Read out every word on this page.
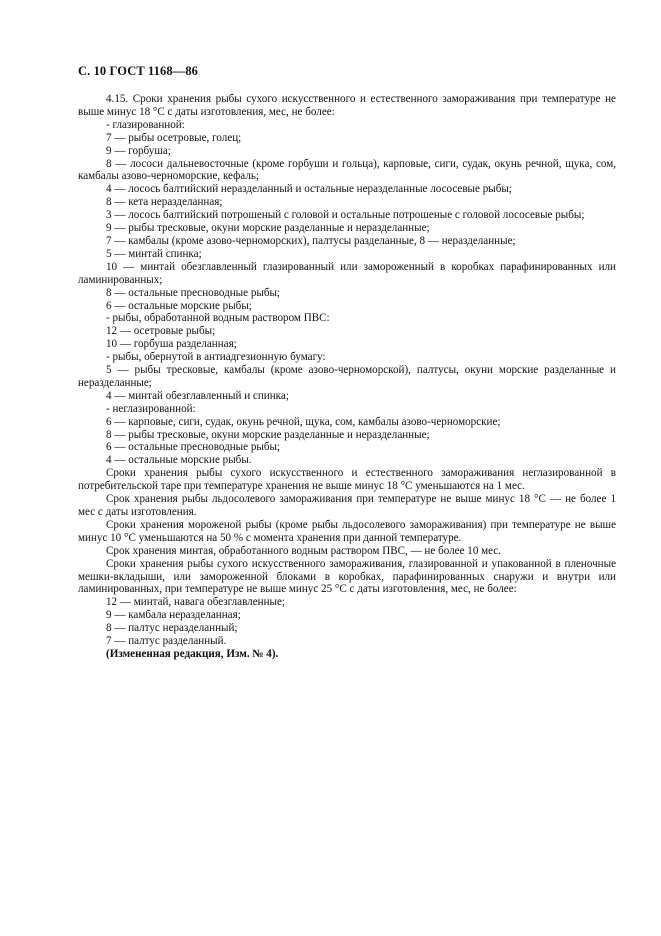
С. 10 ГОСТ 1168—86

4.15. Сроки хранения рыбы сухого искусственного и естественного замораживания при температуре не выше минус 18 °С с даты изготовления, мес, не более:

- глазированной:

7 — рыбы осетровые, голец;

9 — горбуша;

8 — лососи дальневосточные (кроме горбуши и гольца), карповые, сиги, судак, окунь речной, щука, сом, камбалы азово-черноморские, кефаль;

4 — лосось балтийский неразделанный и остальные неразделанные лососевые рыбы;

8 — кета неразделанная;

3 — лосось балтийский потрошеный с головой и остальные потрошеные с головой лососевые рыбы;

9 — рыбы тресковые, окуни морские разделанные и неразделанные;

7 — камбалы (кроме азово-черноморских), палтусы разделанные, 8 — неразделанные;

5 — минтай спинка;

10 — минтай обезглавленный глазированный или замороженный в коробках парафинированных или ламинированных;

8 — остальные пресноводные рыбы;

6 — остальные морские рыбы;

- рыбы, обработанной водным раствором ПВС:

12 — осетровые рыбы;

10 — горбуша разделанная;

- рыбы, обернутой в антиадгезионную бумагу:

5 — рыбы тресковые, камбалы (кроме азово-черноморской), палтусы, окуни морские разделанные и неразделанные;

4 — минтай обезглавленный и спинка;

- неглазированной:

6 — карповые, сиги, судак, окунь речной, щука, сом, камбалы азово-черноморские;

8 — рыбы тресковые, окуни морские разделанные и неразделанные;

6 — остальные пресноводные рыбы;

4 — остальные морские рыбы.

Сроки хранения рыбы сухого искусственного и естественного замораживания неглазированной в потребительской таре при температуре хранения не выше минус 18 °С уменьшаются на 1 мес.

Срок хранения рыбы льдосолевого замораживания при температуре не выше минус 18 °С — не более 1 мес с даты изготовления.

Сроки хранения мороженой рыбы (кроме рыбы льдосолевого замораживания) при температуре не выше минус 10 °С уменьшаются на 50 % с момента хранения при данной температуре.

Срок хранения минтая, обработанного водным раствором ПВС, — не более 10 мес.

Сроки хранения рыбы сухого искусственного замораживания, глазированной и упакованной в пленочные мешки-вкладыши, или замороженной блоками в коробках, парафинированных снаружи и внутри или ламинированных, при температуре не выше минус 25 °С с даты изготовления, мес, не более:

12 — минтай, навага обезглавленные;

9 — камбала неразделанная;

8 — палтус неразделанный;

7 — палтус разделанный.

(Измененная редакция, Изм. № 4).
